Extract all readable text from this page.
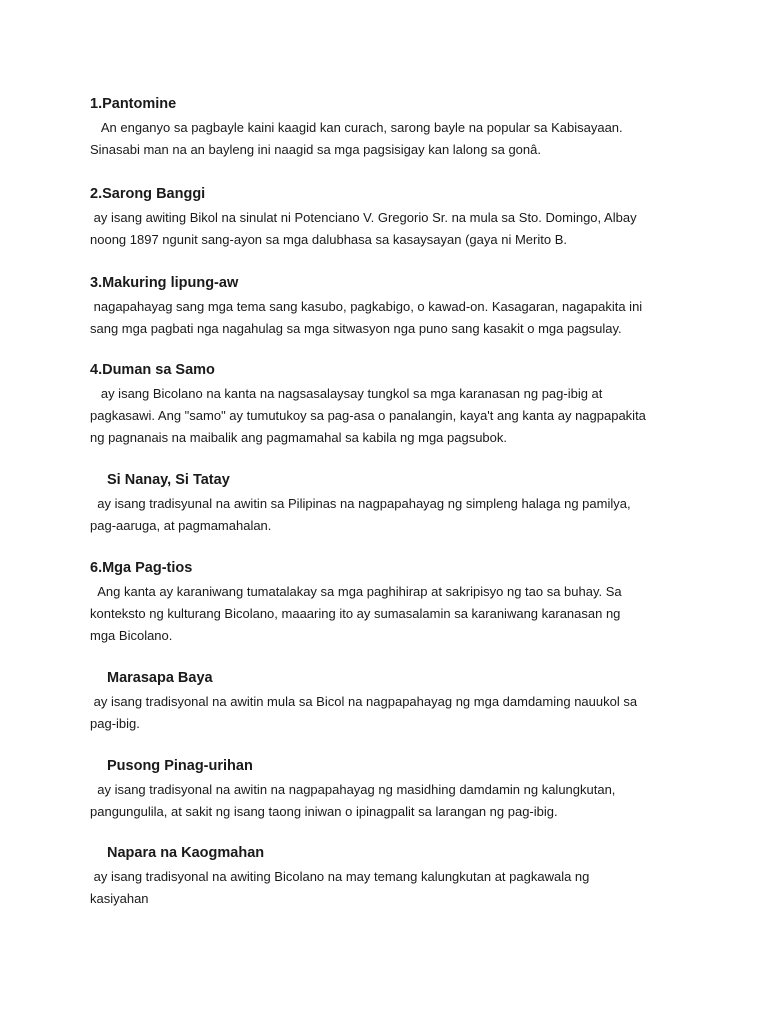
1.Pantomine

An enganyo sa pagbayle kaini kaagid kan curach, sarong bayle na popular sa Kabisayaan.
Sinasabi man na an bayleng ini naagid sa mga pagsisigay kan lalong sa gonâ.

2.Sarong Banggi

ay isang awiting Bikol na sinulat ni Potenciano V. Gregorio Sr. na mula sa Sto. Domingo, Albay
noong 1897 ngunit sang-ayon sa mga dalubhasa sa kasaysayan (gaya ni Merito B.

3.Makuring lipung-aw

nagapahayag sang mga tema sang kasubo, pagkabigo, o kawad-on. Kasagaran, nagapakita ini
sang mga pagbati nga nagahulag sa mga sitwasyon nga puno sang kasakit o mga pagsulay.

4.Duman sa Samo

ay isang Bicolano na kanta na nagsasalaysay tungkol sa mga karanasan ng pag-ibig at
pagkasawi. Ang "samo" ay tumutukoy sa pag-asa o panalangin, kaya't ang kanta ay nagpapakita
ng pagnanais na maibalik ang pagmamahal sa kabila ng mga pagsubok.

Si Nanay, Si Tatay

ay isang tradisyunal na awitin sa Pilipinas na nagpapahayag ng simpleng halaga ng pamilya,
pag-aaruga, at pagmamahalan.

6.Mga Pag-tios

Ang kanta ay karaniwang tumatalakay sa mga paghihirap at sakripisyo ng tao sa buhay. Sa
konteksto ng kulturang Bicolano, maaaring ito ay sumasalamin sa karaniwang karanasan ng
mga Bicolano.

Marasapa Baya

ay isang tradisyonal na awitin mula sa Bicol na nagpapahayag ng mga damdaming nauukol sa
pag-ibig.

Pusong Pinag-urihan

ay isang tradisyonal na awitin na nagpapahayag ng masidhing damdamin ng kalungkutan,
pangungulila, at sakit ng isang taong iniwan o ipinagpalit sa larangan ng pag-ibig.

Napara na Kaogmahan

ay isang tradisyonal na awiting Bicolano na may temang kalungkutan at pagkawala ng
kasiyahan
